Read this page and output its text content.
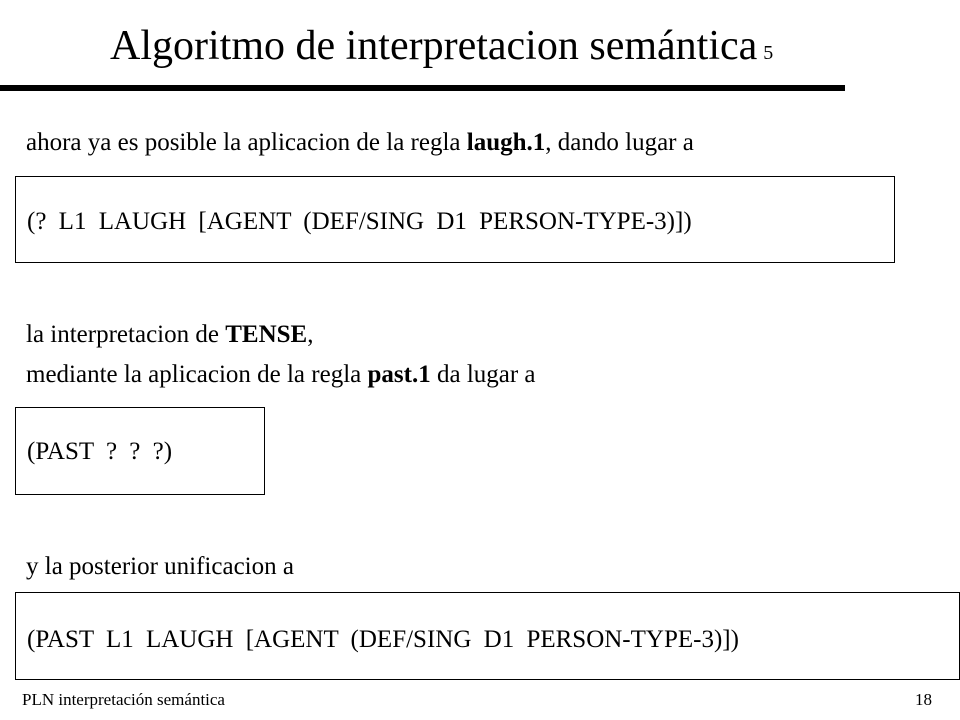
Algoritmo de interpretacion semántica 5
ahora ya es posible la aplicacion de la regla laugh.1, dando lugar a
(? L1 LAUGH [AGENT (DEF/SING D1 PERSON-TYPE-3)])
la interpretacion de TENSE,
mediante la aplicacion de la regla past.1 da lugar a
(PAST ? ? ?)
y la posterior unificacion a
(PAST L1 LAUGH [AGENT (DEF/SING D1 PERSON-TYPE-3)])
PLN interpretación semántica	18
